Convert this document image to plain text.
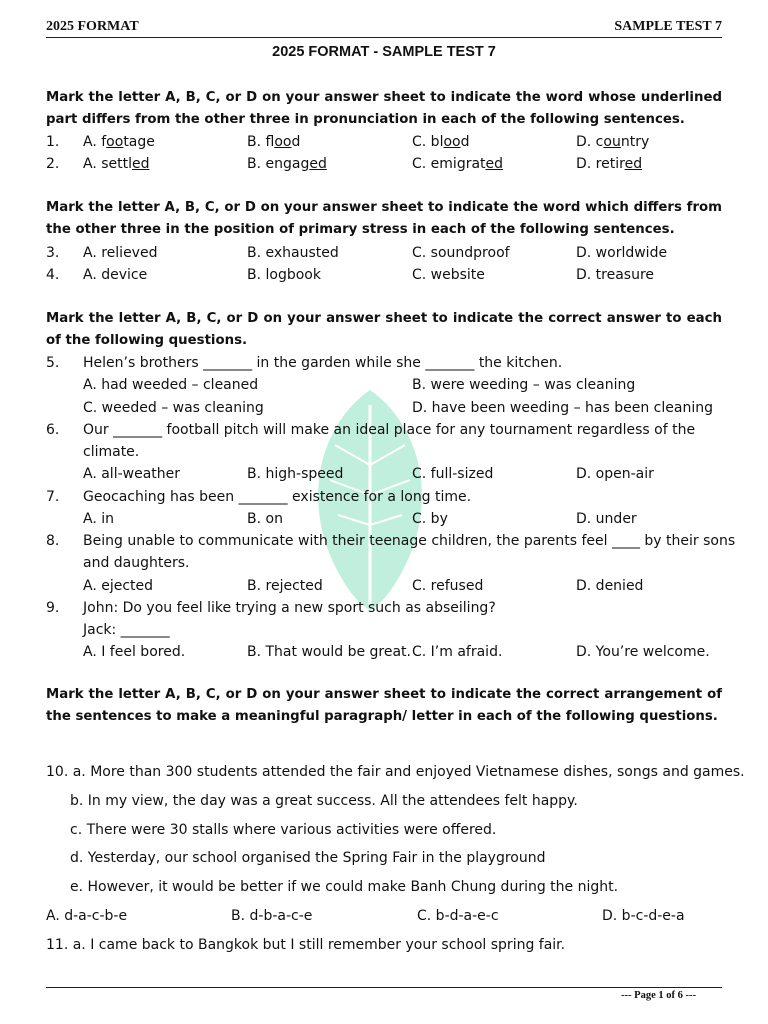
2025 FORMAT	SAMPLE TEST 7
2025 FORMAT - SAMPLE TEST 7
Mark the letter A, B, C, or D on your answer sheet to indicate the word whose underlined part differs from the other three in pronunciation in each of the following sentences.
1. A. footage	B. flood	C. blood	D. country
2. A. settled	B. engaged	C. emigrated	D. retired
Mark the letter A, B, C, or D on your answer sheet to indicate the word which differs from the other three in the position of primary stress in each of the following sentences.
3. A. relieved	B. exhausted	C. soundproof	D. worldwide
4. A. device	B. logbook	C. website	D. treasure
Mark the letter A, B, C, or D on your answer sheet to indicate the correct answer to each of the following questions.
5. Helen’s brothers _______ in the garden while she _______ the kitchen.
A. had weeded – cleaned	B. were weeding – was cleaning
C. weeded – was cleaning	D. have been weeding – has been cleaning
6. Our _______ football pitch will make an ideal place for any tournament regardless of the
climate.
A. all-weather	B. high-speed	C. full-sized	D. open-air
7. Geocaching has been _______ existence for a long time.
A. in	B. on	C. by	D. under
8. Being unable to communicate with their teenage children, the parents feel ____ by their sons
and daughters.
A. ejected	B. rejected	C. refused	D. denied
9. John: Do you feel like trying a new sport such as abseiling?
Jack: _______
A. I feel bored.	B. That would be great. C. I’m afraid.	D. You’re welcome.
Mark the letter A, B, C, or D on your answer sheet to indicate the correct arrangement of the sentences to make a meaningful paragraph/ letter in each of the following questions.
10. a. More than 300 students attended the fair and enjoyed Vietnamese dishes, songs and games.
b. In my view, the day was a great success. All the attendees felt happy.
c. There were 30 stalls where various activities were offered.
d. Yesterday, our school organised the Spring Fair in the playground
e. However, it would be better if we could make Banh Chung during the night.
A. d-a-c-b-e	B. d-b-a-c-e	C. b-d-a-e-c	D. b-c-d-e-a
11. a. I came back to Bangkok but I still remember your school spring fair.
--- Page 1 of 6 ---
